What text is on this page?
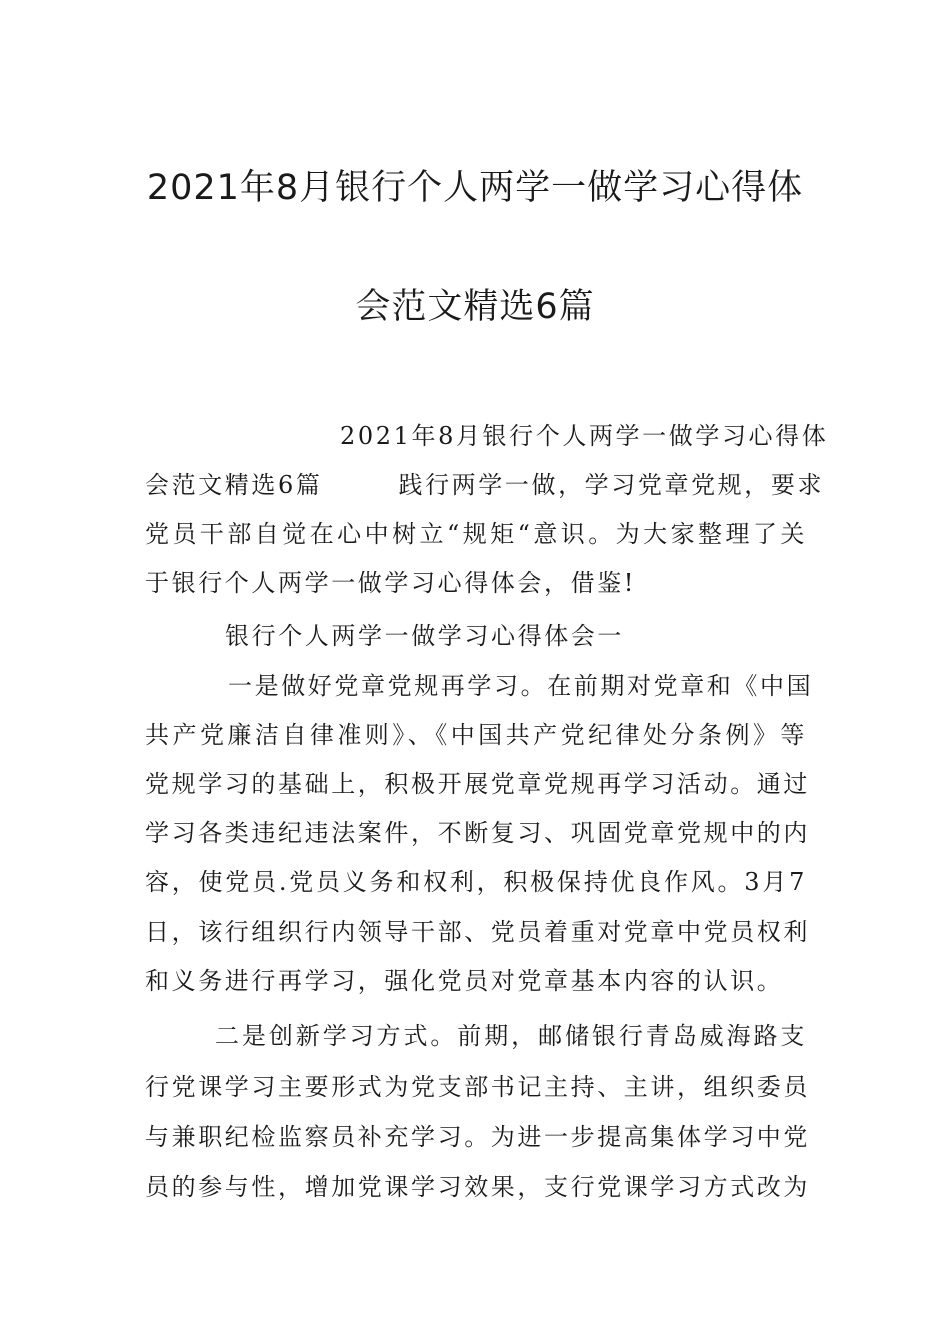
2021年8月银行个人两学一做学习心得体
会范文精选6篇
2021年8月银行个人两学一做学习心得体
会范文精选6篇	践行两学一做，学习党章党规，要求
党员干部自觉在心中树立“规矩“意识。为大家整理了关
于银行个人两学一做学习心得体会，借鉴!
银行个人两学一做学习心得体会一
一是做好党章党规再学习。在前期对党章和《中国
共产党廉洁自律准则》、《中国共产党纪律处分条例》等
党规学习的基础上，积极开展党章党规再学习活动。通过
学习各类违纪违法案件，不断复习、巩固党章党规中的内
容，使党员.党员义务和权利，积极保持优良作风。3月7
日，该行组织行内领导干部、党员着重对党章中党员权利
和义务进行再学习，强化党员对党章基本内容的认识。
二是创新学习方式。前期，邮储银行青岛威海路支
行党课学习主要形式为党支部书记主持、主讲，组织委员
与兼职纪检监察员补充学习。为进一步提高集体学习中党
员的参与性，增加党课学习效果，支行党课学习方式改为
